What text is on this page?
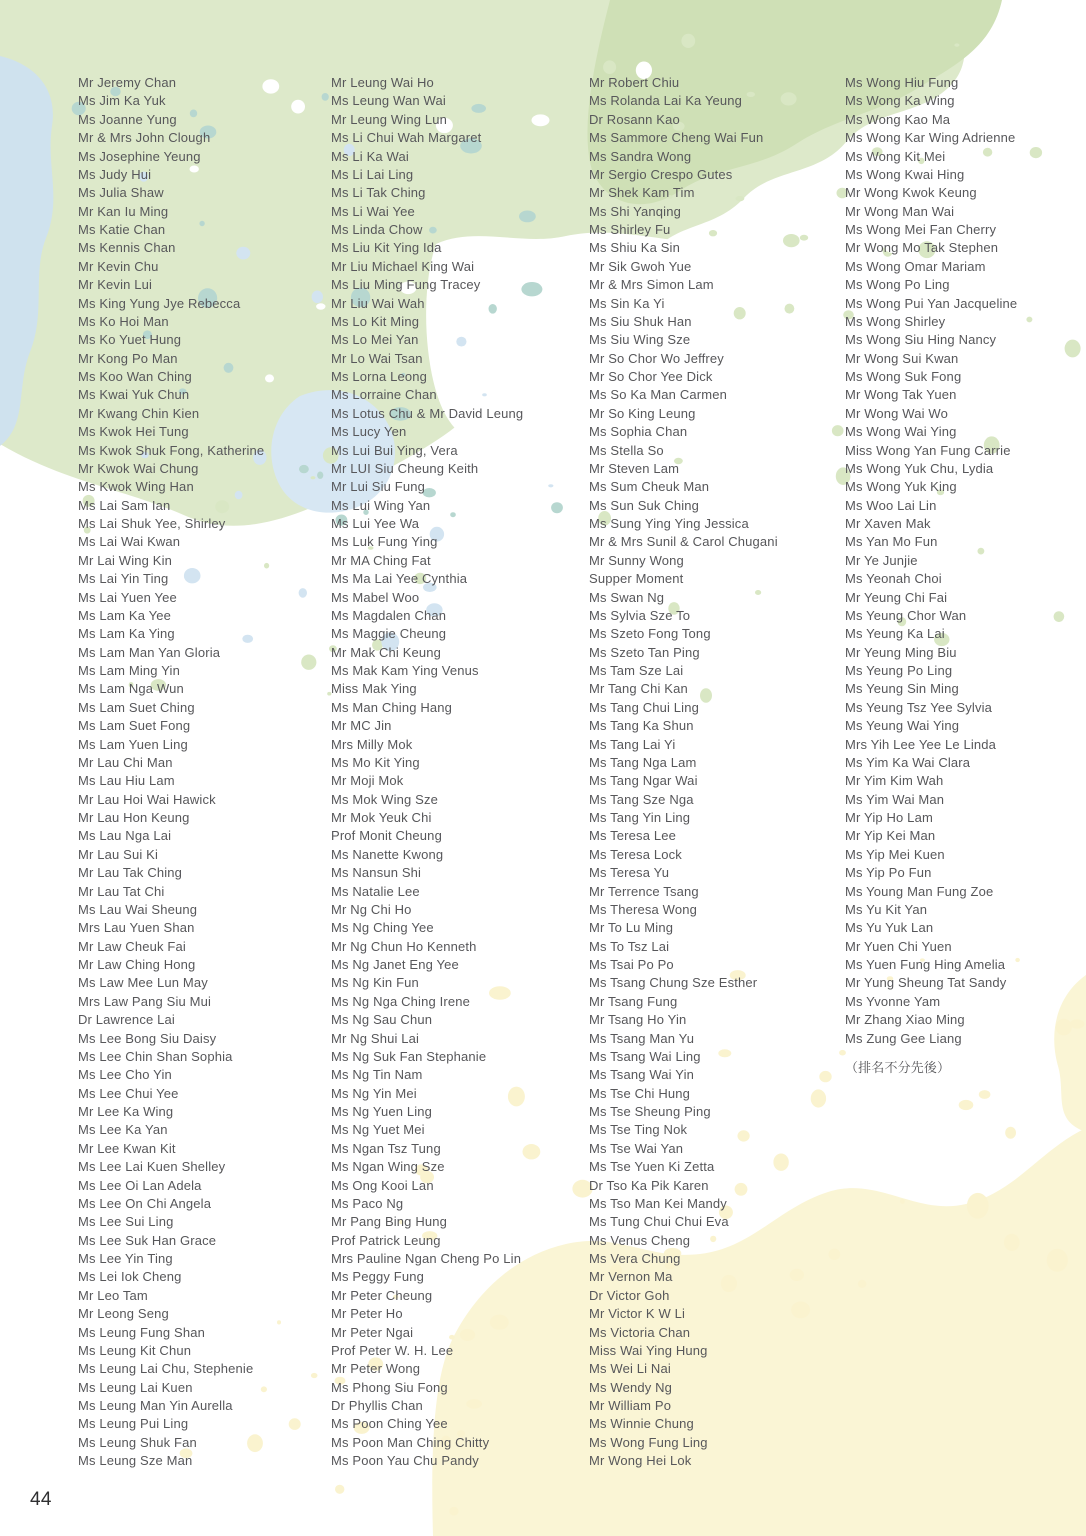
Mr Jeremy Chan
Ms Jim Ka Yuk
Ms Joanne Yung
Mr & Mrs John Clough
Ms Josephine Yeung
Ms Judy Hui
Ms Julia Shaw
Mr Kan Iu Ming
Ms Katie Chan
Ms Kennis Chan
Mr Kevin Chu
Mr Kevin Lui
Ms King Yung Jye Rebecca
Ms Ko Hoi Man
Ms Ko Yuet Hung
Mr Kong Po Man
Ms Koo Wan Ching
Ms Kwai Yuk Chun
Mr Kwang Chin Kien
Ms Kwok Hei Tung
Ms Kwok Shuk Fong, Katherine
Mr Kwok Wai Chung
Ms Kwok Wing Han
Ms Lai Sam Ian
Ms Lai Shuk Yee, Shirley
Ms Lai Wai Kwan
Mr Lai Wing Kin
Ms Lai Yin Ting
Ms Lai Yuen Yee
Ms Lam Ka Yee
Ms Lam Ka Ying
Ms Lam Man Yan Gloria
Ms Lam Ming Yin
Ms Lam Nga Wun
Ms Lam Suet Ching
Ms Lam Suet Fong
Ms Lam Yuen Ling
Mr Lau Chi Man
Ms Lau Hiu Lam
Mr Lau Hoi Wai Hawick
Mr Lau Hon Keung
Ms Lau Nga Lai
Mr Lau Sui Ki
Mr Lau Tak Ching
Mr Lau Tat Chi
Ms Lau Wai Sheung
Mrs Lau Yuen Shan
Mr Law Cheuk Fai
Mr Law Ching Hong
Ms Law Mee Lun May
Mrs Law Pang Siu Mui
Dr Lawrence Lai
Ms Lee Bong Siu Daisy
Ms Lee Chin Shan Sophia
Ms Lee Cho Yin
Ms Lee Chui Yee
Mr Lee Ka Wing
Ms Lee Ka Yan
Mr Lee Kwan Kit
Ms Lee Lai Kuen Shelley
Ms Lee Oi Lan Adela
Ms Lee On Chi Angela
Ms Lee Sui Ling
Ms Lee Suk Han Grace
Ms Lee Yin Ting
Ms Lei Iok Cheng
Mr Leo Tam
Mr Leong Seng
Ms Leung Fung Shan
Ms Leung Kit Chun
Ms Leung Lai Chu, Stephenie
Ms Leung Lai Kuen
Ms Leung Man Yin Aurella
Ms Leung Pui Ling
Ms Leung Shuk Fan
Ms Leung Sze Man
Mr Leung Wai Ho
Ms Leung Wan Wai
Mr Leung Wing Lun
Ms Li Chui Wah Margaret
Ms Li Ka Wai
Ms Li Lai Ling
Ms Li Tak Ching
Ms Li Wai Yee
Ms Linda Chow
Ms Liu Kit Ying Ida
Mr Liu Michael King Wai
Ms Liu Ming Fung Tracey
Mr Liu Wai Wah
Ms Lo Kit Ming
Ms Lo Mei Yan
Mr Lo Wai Tsan
Ms Lorna Leong
Ms Lorraine Chan
Ms Lotus Chu & Mr David Leung
Ms Lucy Yen
Ms Lui Bui Ying, Vera
Mr LUI Siu Cheung Keith
Mr Lui Siu Fung
Ms Lui Wing Yan
Ms Lui Yee Wa
Ms Luk Fung Ying
Mr MA Ching Fat
Ms Ma Lai Yee Cynthia
Ms Mabel Woo
Ms Magdalen Chan
Ms Maggie Cheung
Mr Mak Chi Keung
Ms Mak Kam Ying Venus
Miss Mak Ying
Ms Man Ching Hang
Mr MC Jin
Mrs Milly Mok
Ms Mo Kit Ying
Mr Moji Mok
Ms Mok Wing Sze
Mr Mok Yeuk Chi
Prof Monit Cheung
Ms Nanette Kwong
Ms Nansun Shi
Ms Natalie Lee
Mr Ng Chi Ho
Ms Ng Ching Yee
Mr Ng Chun Ho Kenneth
Ms Ng Janet Eng Yee
Ms Ng Kin Fun
Ms Ng Nga Ching Irene
Ms Ng Sau Chun
Mr Ng Shui Lai
Ms Ng Suk Fan Stephanie
Ms Ng Tin Nam
Ms Ng Yin Mei
Ms Ng Yuen Ling
Ms Ng Yuet Mei
Ms Ngan Tsz Tung
Ms Ngan Wing Sze
Ms Ong Kooi Lan
Ms Paco Ng
Mr Pang Bing Hung
Prof Patrick Leung
Mrs Pauline Ngan Cheng Po Lin
Ms Peggy Fung
Mr Peter Cheung
Mr Peter Ho
Mr Peter Ngai
Prof Peter W. H. Lee
Mr Peter Wong
Ms Phong Siu Fong
Dr Phyllis Chan
Ms Poon Ching Yee
Ms Poon Man Ching Chitty
Ms Poon Yau Chu Pandy
Mr Robert Chiu
Ms Rolanda Lai Ka Yeung
Dr Rosann Kao
Ms Sammore Cheng Wai Fun
Ms Sandra Wong
Mr Sergio Crespo Gutes
Mr Shek Kam Tim
Ms Shi Yanqing
Ms Shirley Fu
Ms Shiu Ka Sin
Mr Sik Gwoh Yue
Mr & Mrs Simon Lam
Ms Sin Ka Yi
Ms Siu Shuk Han
Ms Siu Wing Sze
Mr So Chor Wo Jeffrey
Mr So Chor Yee Dick
Ms So Ka Man Carmen
Mr So King Leung
Ms Sophia Chan
Ms Stella So
Mr Steven Lam
Ms Sum Cheuk Man
Ms Sun Suk Ching
Ms Sung Ying Ying Jessica
Mr & Mrs Sunil & Carol Chugani
Mr Sunny Wong
Supper Moment
Ms Swan Ng
Ms Sylvia Sze To
Ms Szeto Fong Tong
Ms Szeto Tan Ping
Ms Tam Sze Lai
Mr Tang Chi Kan
Ms Tang Chui Ling
Ms Tang Ka Shun
Ms Tang Lai Yi
Ms Tang Nga Lam
Ms Tang Ngar Wai
Ms Tang Sze Nga
Ms Tang Yin Ling
Ms Teresa Lee
Ms Teresa Lock
Ms Teresa Yu
Mr Terrence Tsang
Ms Theresa Wong
Mr To Lu Ming
Ms To Tsz Lai
Ms Tsai Po Po
Ms Tsang Chung Sze Esther
Mr Tsang Fung
Mr Tsang Ho Yin
Ms Tsang Man Yu
Ms Tsang Wai Ling
Ms Tsang Wai Yin
Ms Tse Chi Hung
Ms Tse Sheung Ping
Ms Tse Ting Nok
Ms Tse Wai Yan
Ms Tse Yuen Ki Zetta
Dr Tso Ka Pik Karen
Ms Tso Man Kei Mandy
Ms Tung Chui Chui Eva
Ms Venus Cheng
Ms Vera Chung
Mr Vernon Ma
Dr Victor Goh
Mr Victor K W Li
Ms Victoria Chan
Miss Wai Ying Hung
Ms Wei Li Nai
Ms Wendy Ng
Mr William Po
Ms Winnie Chung
Ms Wong Fung Ling
Mr Wong Hei Lok
Ms Wong Hiu Fung
Ms Wong Ka Wing
Ms Wong Kao Ma
Ms Wong Kar Wing Adrienne
Ms Wong Kit Mei
Ms Wong Kwai Hing
Mr Wong Kwok Keung
Mr Wong Man Wai
Ms Wong Mei Fan Cherry
Mr Wong Mo Tak Stephen
Ms Wong Omar Mariam
Ms Wong Po Ling
Ms Wong Pui Yan Jacqueline
Ms Wong Shirley
Ms Wong Siu Hing Nancy
Mr Wong Sui Kwan
Ms Wong Suk Fong
Mr Wong Tak Yuen
Mr Wong Wai Wo
Ms Wong Wai Ying
Miss Wong Yan Fung Carrie
Ms Wong Yuk Chu, Lydia
Ms Wong Yuk King
Ms Woo Lai Lin
Mr Xaven Mak
Ms Yan Mo Fun
Mr Ye Junjie
Ms Yeonah Choi
Mr Yeung Chi Fai
Ms Yeung Chor Wan
Ms Yeung Ka Lai
Mr Yeung Ming Biu
Ms Yeung Po Ling
Ms Yeung Sin Ming
Ms Yeung Tsz Yee Sylvia
Ms Yeung Wai Ying
Mrs Yih Lee Yee Le Linda
Ms Yim Ka Wai Clara
Mr Yim Kim Wah
Ms Yim Wai Man
Mr Yip Ho Lam
Mr Yip Kei Man
Ms Yip Mei Kuen
Ms Yip Po Fun
Ms Young Man Fung Zoe
Ms Yu Kit Yan
Ms Yu Yuk Lan
Mr Yuen Chi Yuen
Ms Yuen Fung Hing Amelia
Mr Yung Sheung Tat Sandy
Ms Yvonne Yam
Mr Zhang Xiao Ming
Ms Zung Gee Liang
（排名不分先後）
44
